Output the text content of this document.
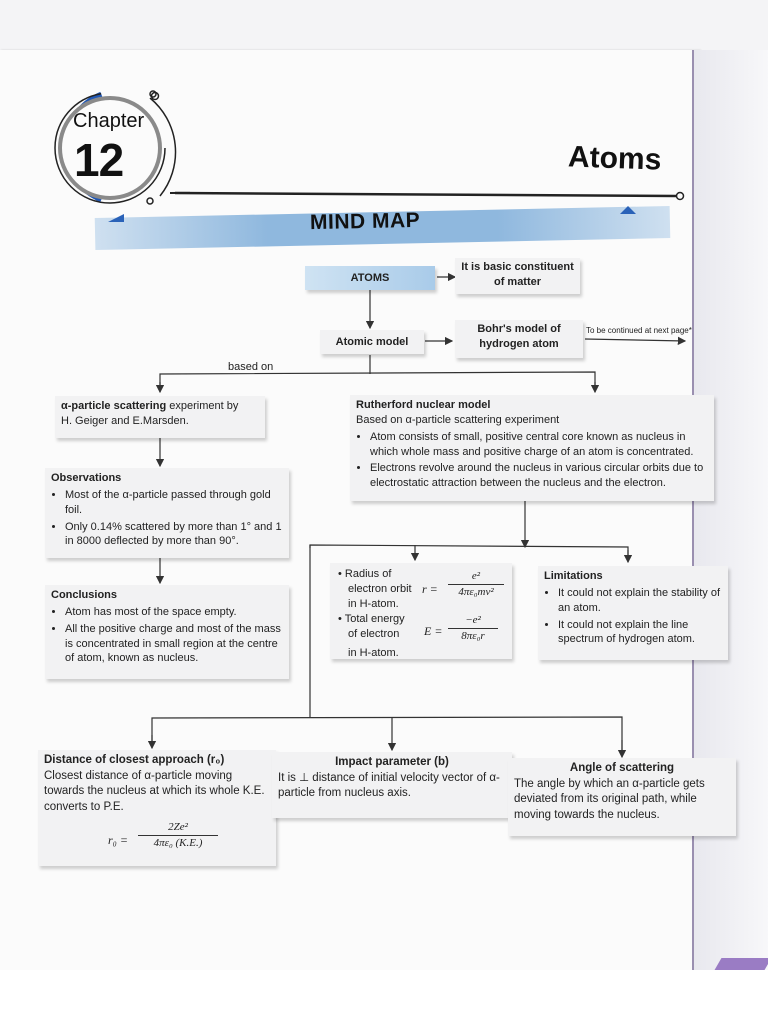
Chapter
12	Atoms
MIND MAP
ATOMS
It is basic constituent
of matter
Atomic model
Bohr's model of
hydrogen atom
To be continued at next page*
based on
α-particle scattering experiment by
H. Geiger and E.Marsden.
Rutherford nuclear model
Based on α-particle scattering experiment
• Atom consists of small, positive central core known as nucleus in which whole mass and positive charge of an atom is concentrated.
• Electrons revolve around the nucleus in various circular orbits due to electrostatic attraction between the nucleus and the electron.
Observations
• Most of the α-particle passed through gold foil.
• Only 0.14% scattered by more than 1° and 1 in 8000 deflected by more than 90°.
Conclusions
• Atom has most of the space empty.
• All the positive charge and most of the mass is concentrated in small region at the centre of atom, known as nucleus.
• Radius of
electron orbit
in H-atom.
$r = \frac{\text{e²}}{\text{4πε₀mv²}}$
• Total energy
of electron
in H-atom.
$E = \frac{\text{−e²}}{\text{8πε₀r}}$
Limitations
• It could not explain the stability of an atom.
• It could not explain the line spectrum of hydrogen atom.
Distance of closest approach (r₀)
Closest distance of α-particle moving towards the nucleus at which its whole K.E. converts to P.E.
$r_0 = \frac{\text{2Ze²}}{\text{4πε₀ (K.E.)}}$
Impact parameter (b)
It is ⊥ distance of initial velocity vector of α-particle from nucleus axis.
Angle of scattering
The angle by which an α-particle gets deviated from its original path, while moving towards the nucleus.
